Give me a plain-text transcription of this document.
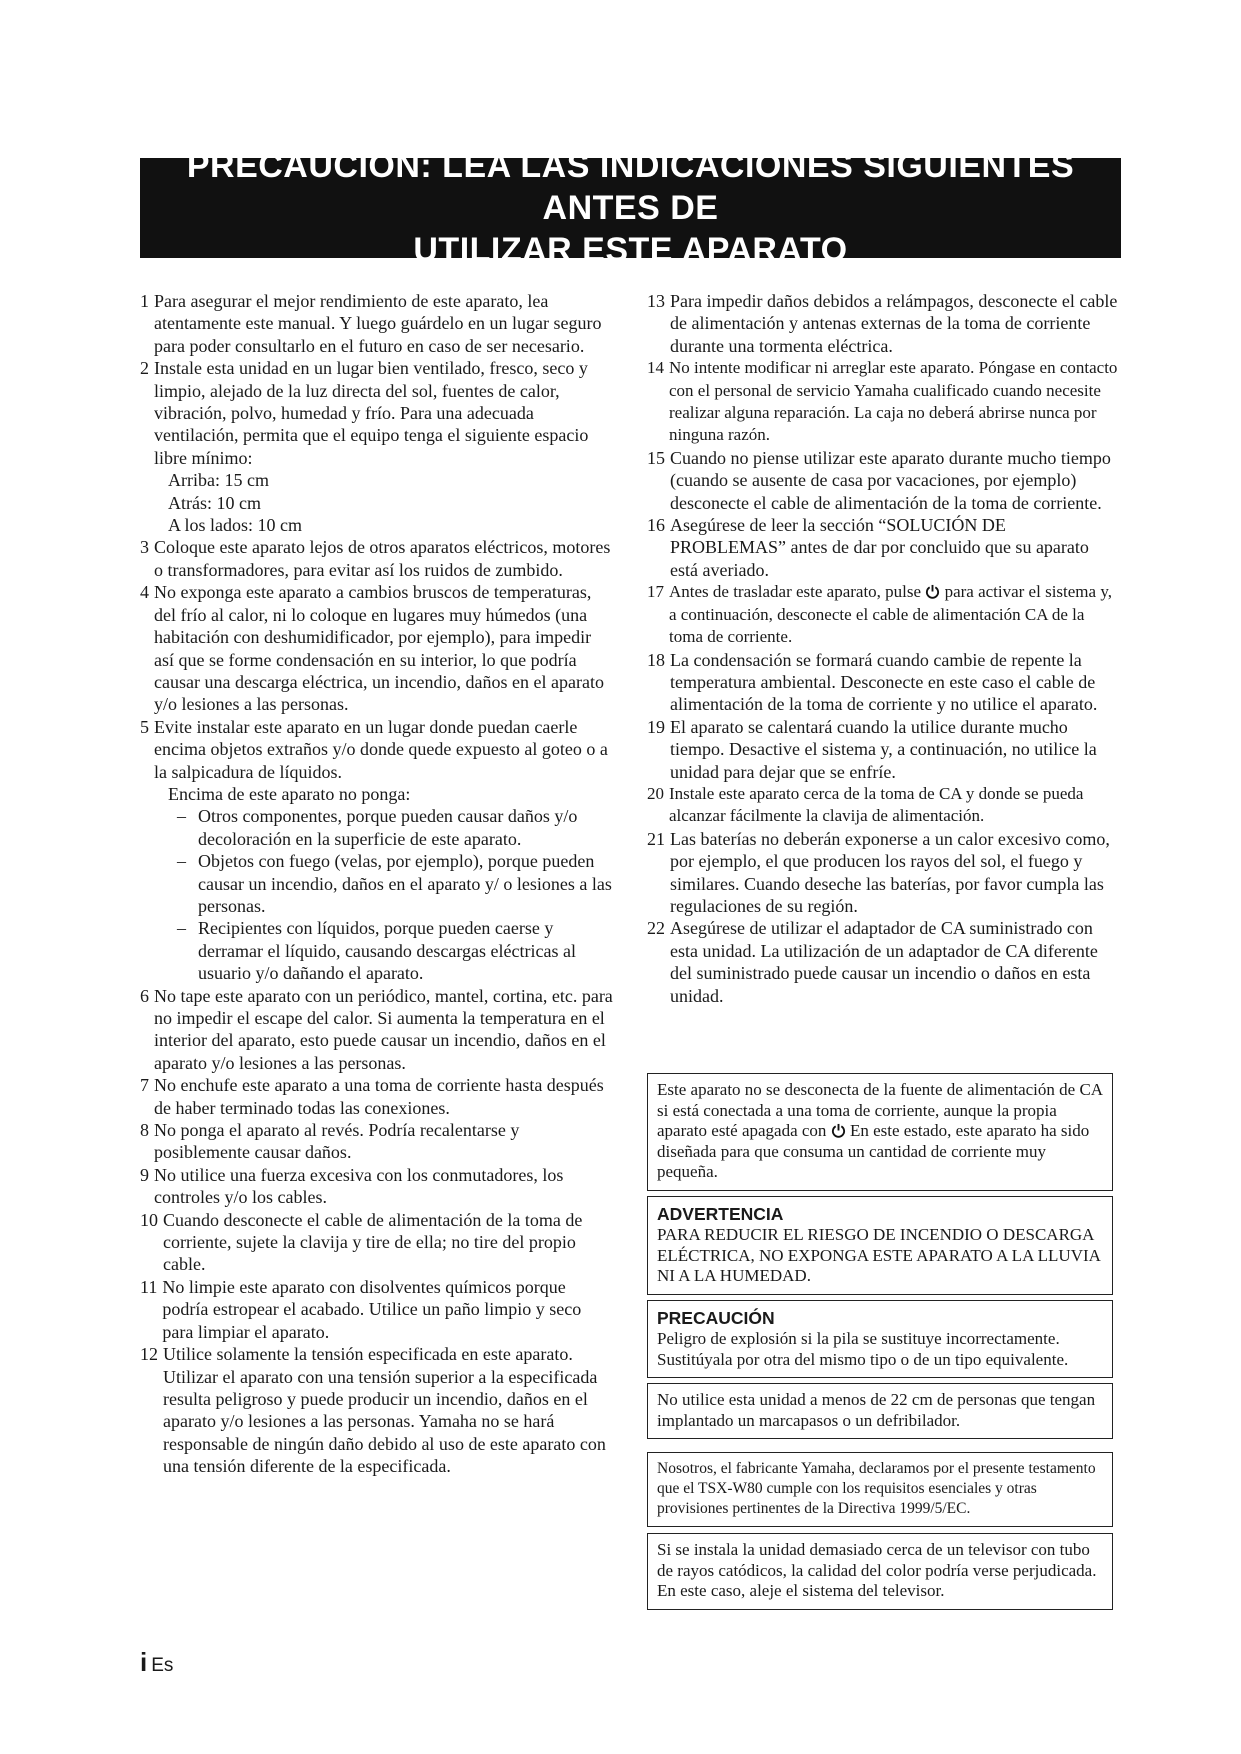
PRECAUCIÓN: LEA LAS INDICACIONES SIGUIENTES ANTES DE
UTILIZAR ESTE APARATO
1 Para asegurar el mejor rendimiento de este aparato, lea atentamente este manual. Y luego guárdelo en un lugar seguro para poder consultarlo en el futuro en caso de ser necesario.
2 Instale esta unidad en un lugar bien ventilado, fresco, seco y limpio, alejado de la luz directa del sol, fuentes de calor, vibración, polvo, humedad y frío. Para una adecuada ventilación, permita que el equipo tenga el siguiente espacio libre mínimo:
Arriba: 15 cm
Atrás: 10 cm
A los lados: 10 cm
3 Coloque este aparato lejos de otros aparatos eléctricos, motores o transformadores, para evitar así los ruidos de zumbido.
4 No exponga este aparato a cambios bruscos de temperaturas, del frío al calor, ni lo coloque en lugares muy húmedos (una habitación con deshumidificador, por ejemplo), para impedir así que se forme condensación en su interior, lo que podría causar una descarga eléctrica, un incendio, daños en el aparato y/o lesiones a las personas.
5 Evite instalar este aparato en un lugar donde puedan caerle encima objetos extraños y/o donde quede expuesto al goteo o a la salpicadura de líquidos.
Encima de este aparato no ponga:
– Otros componentes, porque pueden causar daños y/o decoloración en la superficie de este aparato.
– Objetos con fuego (velas, por ejemplo), porque pueden causar un incendio, daños en el aparato y/ o lesiones a las personas.
– Recipientes con líquidos, porque pueden caerse y derramar el líquido, causando descargas eléctricas al usuario y/o dañando el aparato.
6 No tape este aparato con un periódico, mantel, cortina, etc. para no impedir el escape del calor. Si aumenta la temperatura en el interior del aparato, esto puede causar un incendio, daños en el aparato y/o lesiones a las personas.
7 No enchufe este aparato a una toma de corriente hasta después de haber terminado todas las conexiones.
8 No ponga el aparato al revés. Podría recalentarse y posiblemente causar daños.
9 No utilice una fuerza excesiva con los conmutadores, los controles y/o los cables.
10 Cuando desconecte el cable de alimentación de la toma de corriente, sujete la clavija y tire de ella; no tire del propio cable.
11 No limpie este aparato con disolventes químicos porque podría estropear el acabado. Utilice un paño limpio y seco para limpiar el aparato.
12 Utilice solamente la tensión especificada en este aparato. Utilizar el aparato con una tensión superior a la especificada resulta peligroso y puede producir un incendio, daños en el aparato y/o lesiones a las personas. Yamaha no se hará responsable de ningún daño debido al uso de este aparato con una tensión diferente de la especificada.
13 Para impedir daños debidos a relámpagos, desconecte el cable de alimentación y antenas externas de la toma de corriente durante una tormenta eléctrica.
14 No intente modificar ni arreglar este aparato. Póngase en contacto con el personal de servicio Yamaha cualificado cuando necesite realizar alguna reparación. La caja no deberá abrirse nunca por ninguna razón.
15 Cuando no piense utilizar este aparato durante mucho tiempo (cuando se ausente de casa por vacaciones, por ejemplo) desconecte el cable de alimentación de la toma de corriente.
16 Asegúrese de leer la sección “SOLUCIÓN DE PROBLEMAS” antes de dar por concluido que su aparato está averiado.
17 Antes de trasladar este aparato, pulse para activar el sistema y, a continuación, desconecte el cable de alimentación CA de la toma de corriente.
18 La condensación se formará cuando cambie de repente la temperatura ambiental. Desconecte en este caso el cable de alimentación de la toma de corriente y no utilice el aparato.
19 El aparato se calentará cuando la utilice durante mucho tiempo. Desactive el sistema y, a continuación, no utilice la unidad para dejar que se enfríe.
20 Instale este aparato cerca de la toma de CA y donde se pueda alcanzar fácilmente la clavija de alimentación.
21 Las baterías no deberán exponerse a un calor excesivo como, por ejemplo, el que producen los rayos del sol, el fuego y similares. Cuando deseche las baterías, por favor cumpla las regulaciones de su región.
22 Asegúrese de utilizar el adaptador de CA suministrado con esta unidad. La utilización de un adaptador de CA diferente del suministrado puede causar un incendio o daños en esta unidad.
Este aparato no se desconecta de la fuente de alimentación de CA si está conectada a una toma de corriente, aunque la propia aparato esté apagada con En este estado, este aparato ha sido diseñada para que consuma un cantidad de corriente muy pequeña.
ADVERTENCIA
PARA REDUCIR EL RIESGO DE INCENDIO O DESCARGA ELÉCTRICA, NO EXPONGA ESTE APARATO A LA LLUVIA NI A LA HUMEDAD.
PRECAUCIÓN
Peligro de explosión si la pila se sustituye incorrectamente. Sustitúyala por otra del mismo tipo o de un tipo equivalente.
No utilice esta unidad a menos de 22 cm de personas que tengan implantado un marcapasos o un defribilador.
Nosotros, el fabricante Yamaha, declaramos por el presente testamento que el TSX-W80 cumple con los requisitos esenciales y otras provisiones pertinentes de la Directiva 1999/5/EC.
Si se instala la unidad demasiado cerca de un televisor con tubo de rayos catódicos, la calidad del color podría verse perjudicada. En este caso, aleje el sistema del televisor.
i Es
